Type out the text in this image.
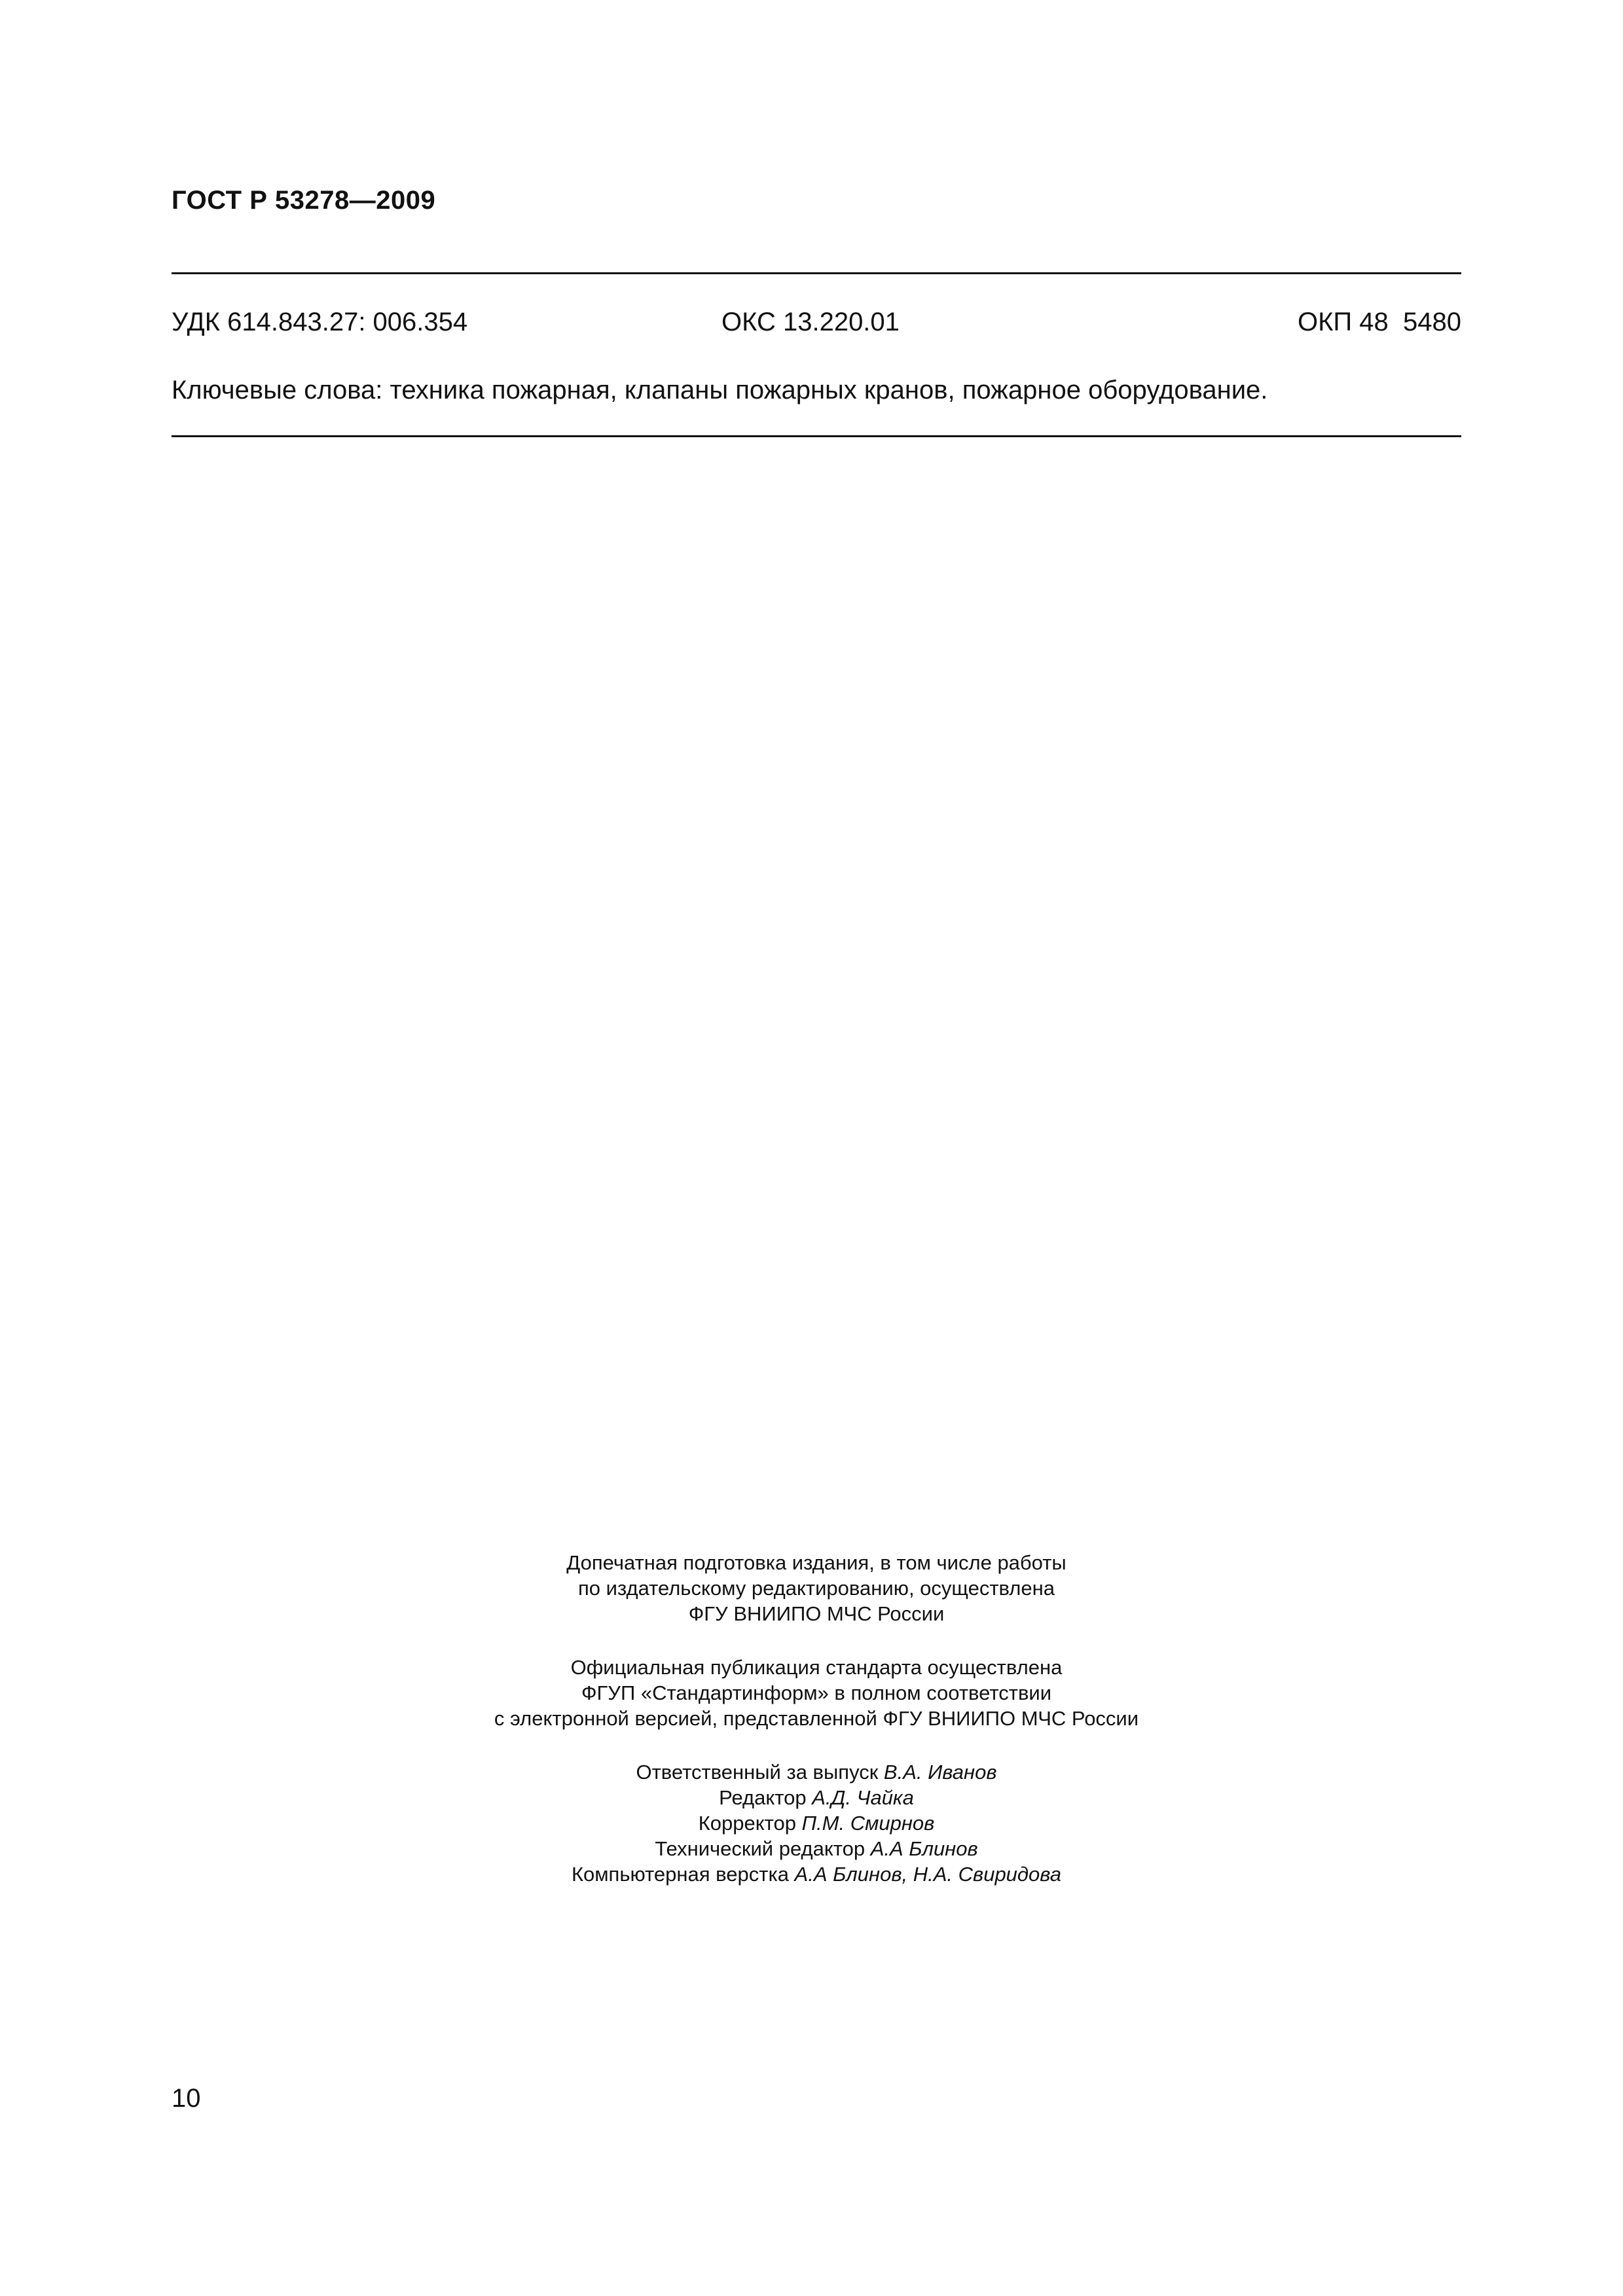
ГОСТ Р 53278—2009
УДК 614.843.27: 006.354	ОКС 13.220.01	ОКП 48  5480
Ключевые слова: техника пожарная, клапаны пожарных кранов, пожарное оборудование.

Допечатная подготовка издания, в том числе работы
по издательскому редактированию, осуществлена
ФГУ ВНИИПО МЧС России

Официальная публикация стандарта осуществлена
ФГУП «Стандартинформ» в полном соответствии
с электронной версией, представленной ФГУ ВНИИПО МЧС России

Ответственный за выпуск В.А. Иванов
Редактор А.Д. Чайка
Корректор П.М. Смирнов
Технический редактор А.А Блинов
Компьютерная верстка А.А Блинов, Н.А. Свиридова

10
